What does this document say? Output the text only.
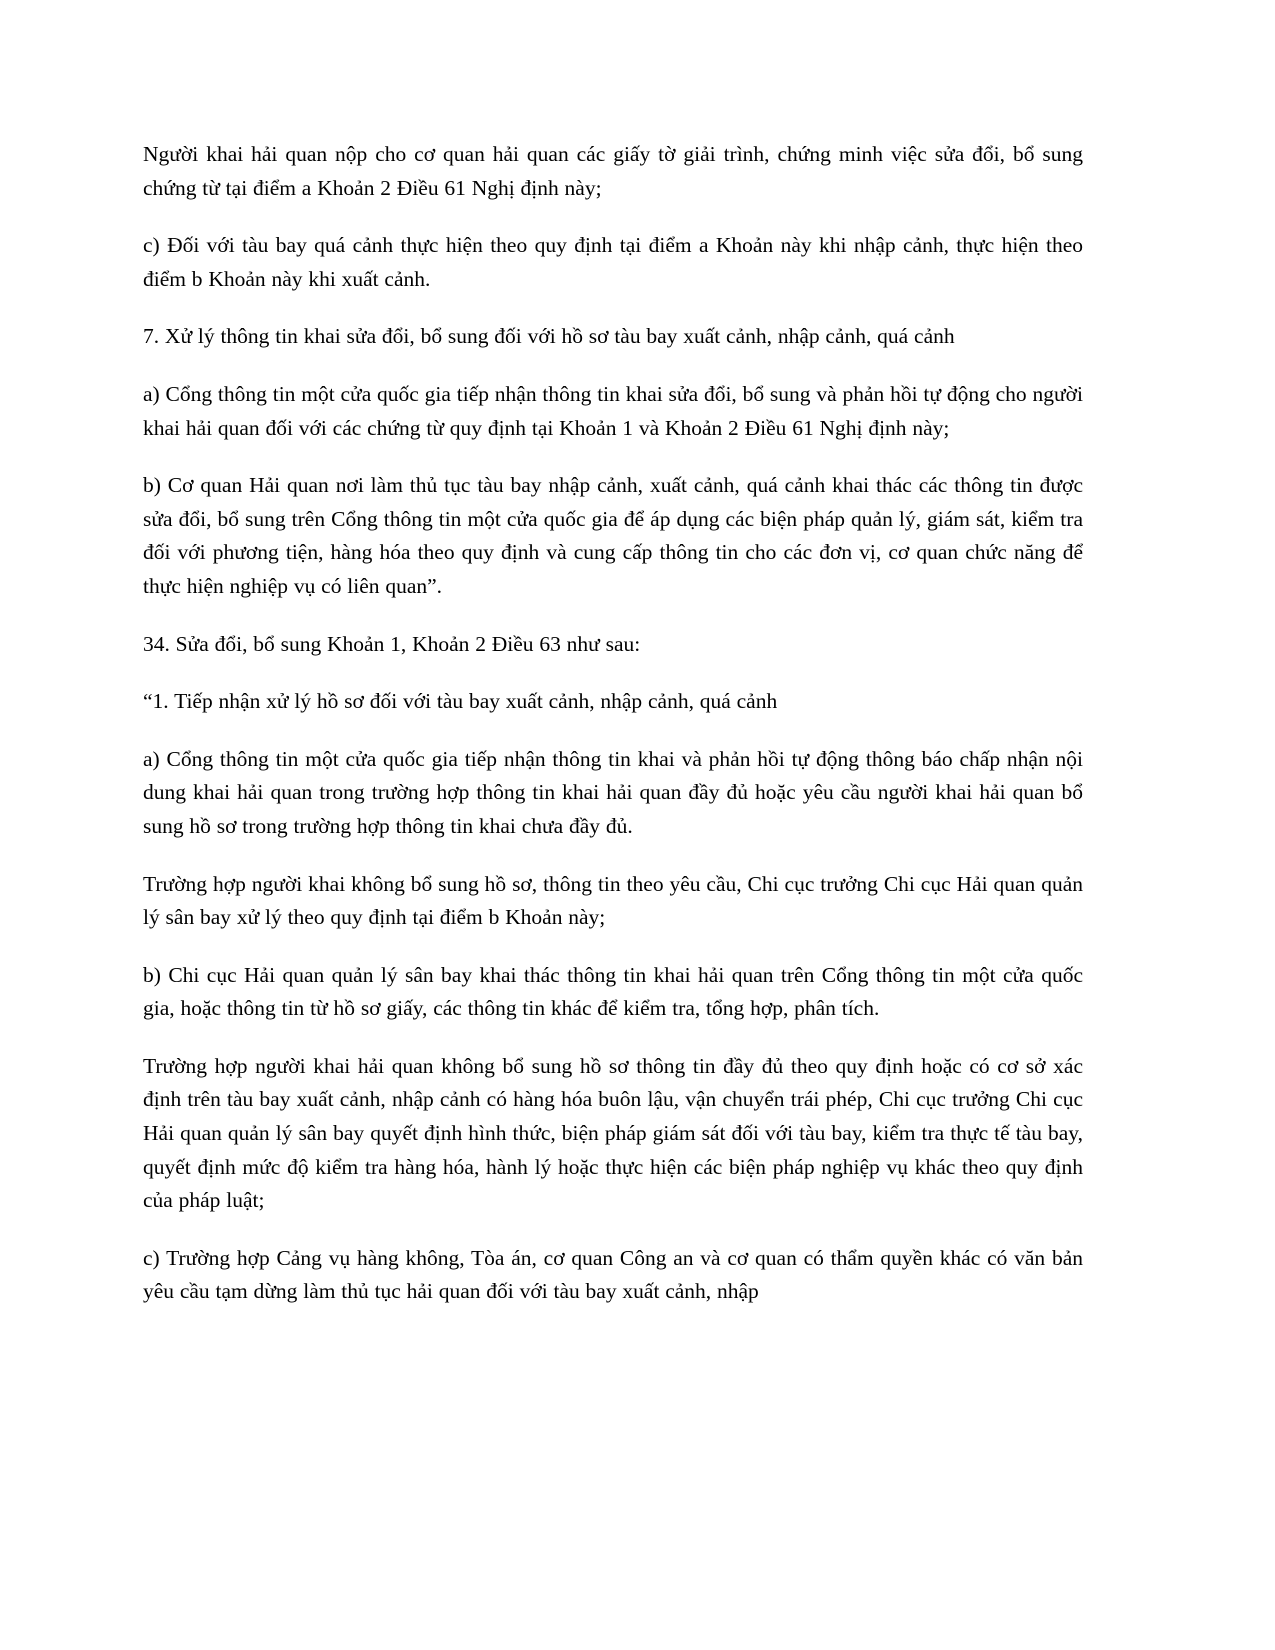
Người khai hải quan nộp cho cơ quan hải quan các giấy tờ giải trình, chứng minh việc sửa đổi, bổ sung chứng từ tại điểm a Khoản 2 Điều 61 Nghị định này;

c) Đối với tàu bay quá cảnh thực hiện theo quy định tại điểm a Khoản này khi nhập cảnh, thực hiện theo điểm b Khoản này khi xuất cảnh.

7. Xử lý thông tin khai sửa đổi, bổ sung đối với hồ sơ tàu bay xuất cảnh, nhập cảnh, quá cảnh

a) Cổng thông tin một cửa quốc gia tiếp nhận thông tin khai sửa đổi, bổ sung và phản hồi tự động cho người khai hải quan đối với các chứng từ quy định tại Khoản 1 và Khoản 2 Điều 61 Nghị định này;

b) Cơ quan Hải quan nơi làm thủ tục tàu bay nhập cảnh, xuất cảnh, quá cảnh khai thác các thông tin được sửa đổi, bổ sung trên Cổng thông tin một cửa quốc gia để áp dụng các biện pháp quản lý, giám sát, kiểm tra đối với phương tiện, hàng hóa theo quy định và cung cấp thông tin cho các đơn vị, cơ quan chức năng để thực hiện nghiệp vụ có liên quan”.

34. Sửa đổi, bổ sung Khoản 1, Khoản 2 Điều 63 như sau:

“1. Tiếp nhận xử lý hồ sơ đối với tàu bay xuất cảnh, nhập cảnh, quá cảnh

a) Cổng thông tin một cửa quốc gia tiếp nhận thông tin khai và phản hồi tự động thông báo chấp nhận nội dung khai hải quan trong trường hợp thông tin khai hải quan đầy đủ hoặc yêu cầu người khai hải quan bổ sung hồ sơ trong trường hợp thông tin khai chưa đầy đủ.

Trường hợp người khai không bổ sung hồ sơ, thông tin theo yêu cầu, Chi cục trưởng Chi cục Hải quan quản lý sân bay xử lý theo quy định tại điểm b Khoản này;

b) Chi cục Hải quan quản lý sân bay khai thác thông tin khai hải quan trên Cổng thông tin một cửa quốc gia, hoặc thông tin từ hồ sơ giấy, các thông tin khác để kiểm tra, tổng hợp, phân tích.

Trường hợp người khai hải quan không bổ sung hồ sơ thông tin đầy đủ theo quy định hoặc có cơ sở xác định trên tàu bay xuất cảnh, nhập cảnh có hàng hóa buôn lậu, vận chuyển trái phép, Chi cục trưởng Chi cục Hải quan quản lý sân bay quyết định hình thức, biện pháp giám sát đối với tàu bay, kiểm tra thực tế tàu bay, quyết định mức độ kiểm tra hàng hóa, hành lý hoặc thực hiện các biện pháp nghiệp vụ khác theo quy định của pháp luật;

c) Trường hợp Cảng vụ hàng không, Tòa án, cơ quan Công an và cơ quan có thẩm quyền khác có văn bản yêu cầu tạm dừng làm thủ tục hải quan đối với tàu bay xuất cảnh, nhập
